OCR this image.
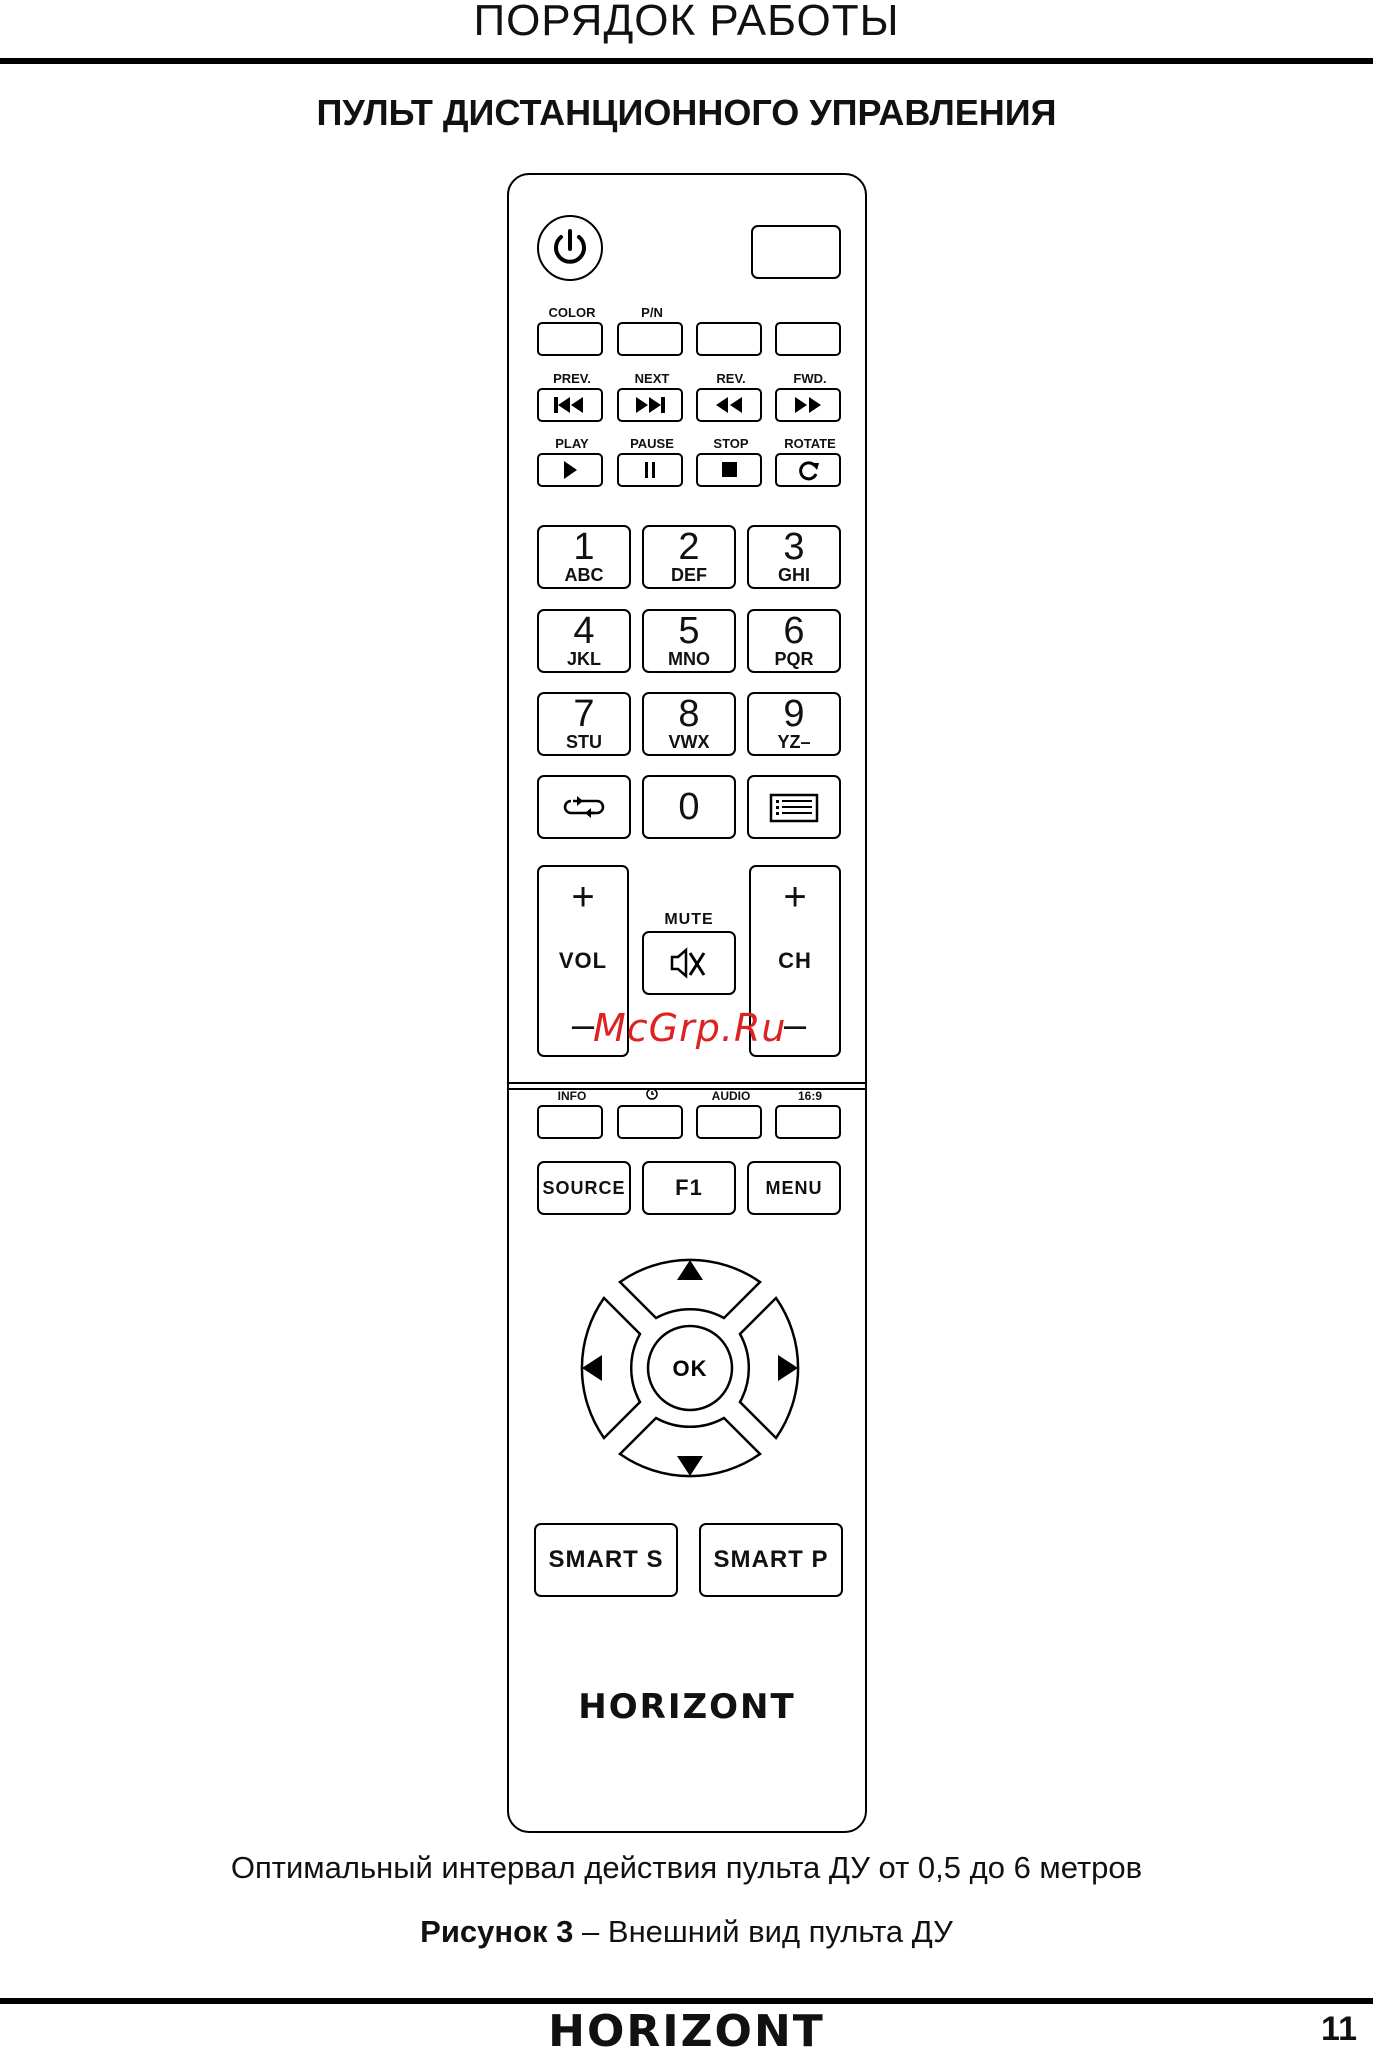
ПОРЯДОК РАБОТЫ
ПУЛЬТ ДИСТАНЦИОННОГО УПРАВЛЕНИЯ
COLOR	P/N
PREV.	NEXT	REV.	FWD.
PLAY	PAUSE	STOP	ROTATE
1
ABC
2
DEF
3
GHI
4
JKL
5
MNO
6
PQR
7
STU
8
VWX
9
YZ–
0
+
VOL
–
MUTE
+
CH
–
INFO	AUDIO	16:9
SOURCE	F1	MENU
OK
SMART S	SMART P
HORIZONT
McGrp.Ru
Оптимальный интервал действия пульта ДУ от 0,5 до 6 метров
Рисунок 3 – Внешний вид пульта ДУ
HORIZONT	11
